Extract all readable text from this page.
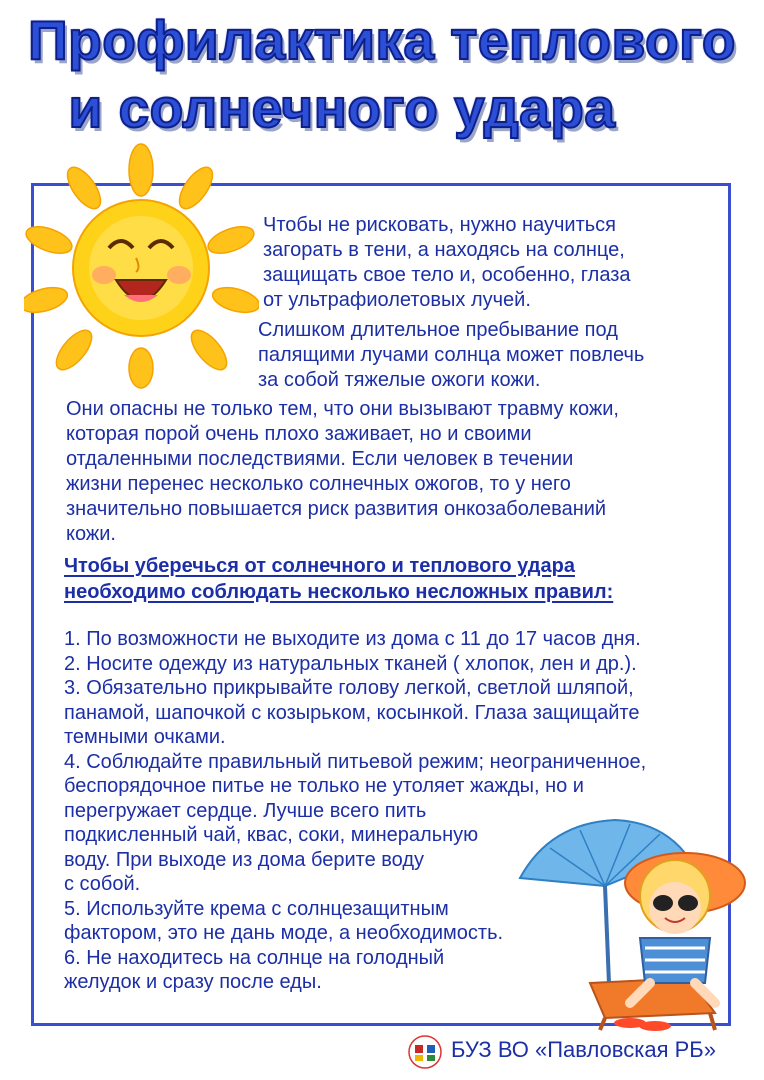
Профилактика теплового
и солнечного удара

Чтобы не рисковать, нужно научиться
загорать в тени, а находясь на солнце,
защищать свое тело и, особенно, глаза
от ультрафиолетовых лучей.

Слишком длительное пребывание под
палящими лучами солнца может повлечь
за собой тяжелые ожоги кожи.

Они опасны не только тем, что они вызывают травму кожи,
которая порой очень плохо заживает, но и своими
отдаленными последствиями. Если человек в течении
жизни перенес несколько солнечных ожогов, то у него
значительно повышается риск развития онкозаболеваний
кожи.

Чтобы уберечься от солнечного и теплового удара
необходимо соблюдать несколько несложных правил:
1. По возможности не выходите из дома с 11 до 17 часов дня.
2. Носите одежду из натуральных тканей ( хлопок, лен и др.).
3. Обязательно прикрывайте голову легкой, светлой шляпой,
панамой, шапочкой с козырьком, косынкой. Глаза защищайте
темными очками.
4. Соблюдайте правильный питьевой режим; неограниченное,
беспорядочное питье не только не утоляет жажды, но и
перегружает сердце. Лучше всего пить
подкисленный чай, квас, соки, минеральную
воду. При выходе из дома берите воду
с собой.
5. Используйте крема с солнцезащитным
фактором, это не дань моде, а необходимость.
6. Не находитесь на солнце на голодный
желудок и сразу после еды.
БУЗ ВО «Павловская РБ»
